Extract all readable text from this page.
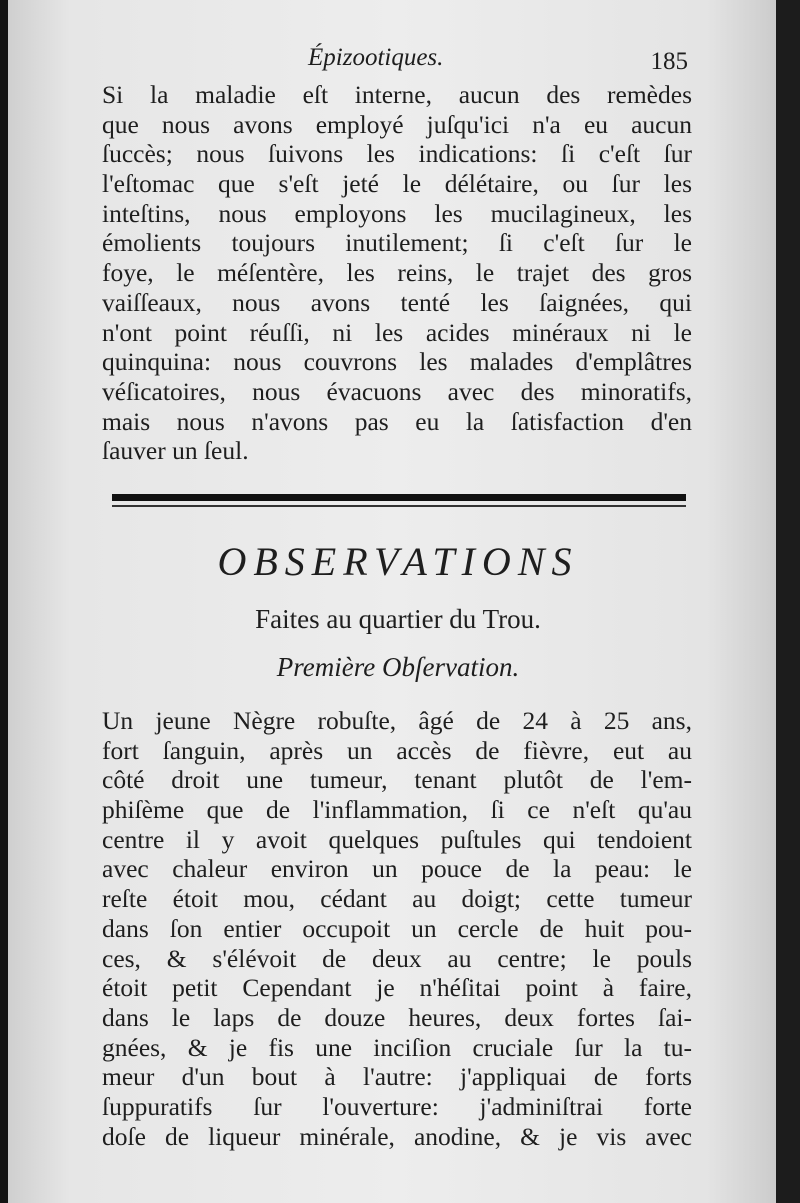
Épizootiques.	185
Si la maladie eſt interne, aucun des remèdes
que nous avons employé juſqu'ici n'a eu aucun
ſuccès; nous ſuivons les indications: ſi c'eſt ſur
l'eſtomac que s'eſt jeté le délétaire, ou ſur les
inteſtins, nous employons les mucilagineux, les
émolients toujours inutilement; ſi c'eſt ſur le
foye, le méſentère, les reins, le trajet des gros
vaiſſeaux, nous avons tenté les ſaignées, qui
n'ont point réuſſi, ni les acides minéraux ni le
quinquina: nous couvrons les malades d'emplâtres
véſicatoires, nous évacuons avec des minoratifs,
mais nous n'avons pas eu la ſatisfaction d'en
ſauver un ſeul.
OBSERVATIONS
Faites au quartier du Trou.
Première Obſervation.
Un jeune Nègre robuſte, âgé de 24 à 25 ans,
fort ſanguin, après un accès de fièvre, eut au
côté droit une tumeur, tenant plutôt de l'em-
phiſème que de l'inflammation, ſi ce n'eſt qu'au
centre il y avoit quelques puſtules qui tendoient
avec chaleur environ un pouce de la peau: le
reſte étoit mou, cédant au doigt; cette tumeur
dans ſon entier occupoit un cercle de huit pou-
ces, & s'élévoit de deux au centre; le pouls
étoit petit Cependant je n'héſitai point à faire,
dans le laps de douze heures, deux fortes ſai-
gnées, & je fis une inciſion cruciale ſur la tu-
meur d'un bout à l'autre: j'appliquai de forts
ſuppuratifs ſur l'ouverture: j'adminiſtrai forte
doſe de liqueur minérale, anodine, & je vis avec
